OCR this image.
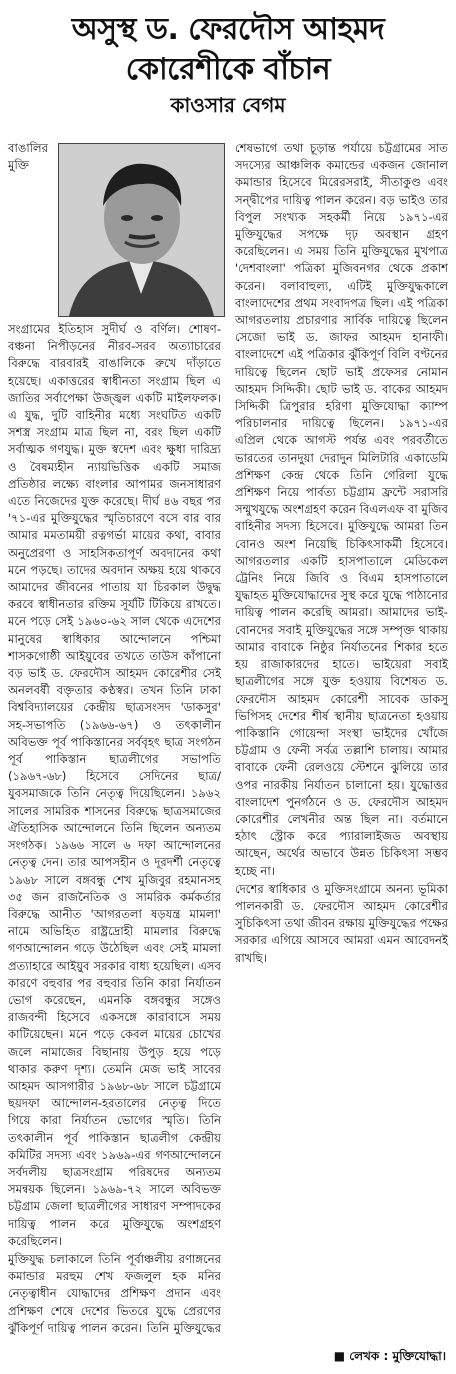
অসুস্থ ড. ফেরদৌস আহমদ
কোরেশীকে বাঁচান
কাওসার বেগম

বাঙালির মুক্তি সংগ্রামের ইতিহাস সুদীর্ঘ ও বর্ণিল। শোষণ-বঞ্চনা নিপীড়নের নীরব-সরব অত্যাচারের বিরুদ্ধে বারবারই বাঙালিকে রুখে দাঁড়াতে হয়েছে। একাত্তরের স্বাধীনতা সংগ্রাম ছিল এ জাতির সর্বাপেক্ষা উজ্জ্বল একটি মাইলফলক। এ যুদ্ধ, দুটি বাহিনীর মধ্যে সংঘটিত একটি সশস্ত্র সংগ্রাম মাত্র ছিল না, বরং ছিল একটি সর্বাত্মক গণযুদ্ধ। মুক্ত স্বদেশ এবং ক্ষুধা দারিদ্র্য ও বৈষম্যহীন ন্যায়ভিত্তিক একটি সমাজ প্রতিষ্ঠার লক্ষ্যে বাংলার আপামর জনসাধারণ এতে নিজেদের যুক্ত করেছে। দীর্ঘ ৪৬ বছর পর '৭১-এর মুক্তিযুদ্ধের স্মৃতিচারণে বসে বার বার আমার মমতাময়ী রত্নগর্ভা মায়ের কথা, বাবার অনুপ্রেরণা ও সাহসিকতাপূর্ণ অবদানের কথা মনে পড়ছে। তাদের অবদান অক্ষয় হয়ে থাকবে আমাদের জীবনের পাতায় যা চিরকাল উদ্বুদ্ধ করবে স্বাধীনতার রক্তিম সূর্যটি টিকিয়ে রাখতে। মনে পড়ে সেই ১৯৬০-৬২ সাল থেকে এদেশের মানুষের স্বাধিকার আন্দোলনে পশ্চিমা শাসকগোষ্ঠী আইয়ুবের তখতে তাউস কাঁপানো বড় ভাই ড. ফেরদৌস আহমদ কোরেশীর সেই অনলবর্ষী বক্তৃতার কণ্ঠস্বর। তখন তিনি ঢাকা বিশ্ববিদ্যালয়ের কেন্দ্রীয় ছাত্রসংসদ 'ডাকসুর' সহ-সভাপতি (১৯৬৬-৬৭) ও তৎকালীন অবিভক্ত পূর্ব পাকিস্তানের সর্ববৃহৎ ছাত্র সংগঠন পূর্ব পাকিস্তান ছাত্রলীগের সভাপতি (১৯৬৭-৬৮) হিসেবে সেদিনের ছাত্র/যুবসমাজকে তিনি নেতৃত্ব দিয়েছিলেন। ১৯৬২ সালের সামরিক শাসনের বিরুদ্ধে ছাত্রসমাজের ঐতিহাসিক আন্দোলনে তিনি ছিলেন অন্যতম সংগঠক। ১৯৬৬ সালে ৬ দফা আন্দোলনের নেতৃত্ব দেন। তার আপসহীন ও দূরদর্শী নেতৃত্বে ১৯৬৮ সালে বঙ্গবন্ধু শেখ মুজিবুর রহমানসহ ৩৫ জন রাজনৈতিক ও সামরিক কর্মকর্তার বিরুদ্ধে আনীত 'আগরতলা ষড়যন্ত্র মামলা' নামে অভিহিত রাষ্ট্রদ্রোহী মামলার বিরুদ্ধে গণআন্দোলন গড়ে উঠেছিল এবং সেই মামলা প্রত্যাহারে আইয়ুব সরকার বাধ্য হয়েছিল। এসব কারণে বহুবার পর বহুবার তিনি কারা নির্যাতন ভোগ করেছেন, এমনকি বঙ্গবন্ধুর সঙ্গেও রাজবন্দী হিসেবে একসঙ্গে কারাবাসে সময় কাটিয়েছেন। মনে পড়ে কেবল মায়ের চোখের জলে নামাজের বিছানায় উপুড় হয়ে পড়ে থাকার করুণ দৃশ্য। তেমনি মেজ ভাই সাবের আহমদ আসগারীর ১৯৬৮-৬৮ সালে চট্টগ্রামে ছয়দফা আন্দোলন-হরতালের নেতৃত্ব দিতে গিয়ে কারা নির্যাতন ভোগের স্মৃতি। তিনি তৎকালীন পূর্ব পাকিস্তান ছাত্রলীগ কেন্দ্রীয় কমিটির সদস্য এবং ১৯৬৯-এর গণআন্দোলনে সর্বদলীয় ছাত্রসংগ্রাম পরিষদের অন্যতম সমন্বয়ক ছিলেন। ১৯৬৯-৭২ সালে অবিভক্ত চট্টগ্রাম জেলা ছাত্রলীগের সাধারণ সম্পাদকের দায়িত্ব পালন করে মুক্তিযুদ্ধে অংশগ্রহণ করেছিলেন।

মুক্তিযুদ্ধ চলাকালে তিনি পূর্বাঞ্চলীয় রণাঙ্গনের কমান্ডার মরহুম শেখ ফজলুল হক মনির নেতৃত্বাধীন যোদ্ধাদের প্রশিক্ষণ প্রদান এবং প্রশিক্ষণ শেষে দেশের ভিতরে যুদ্ধে প্রেরণের ঝুঁকিপূর্ণ দায়িত্ব পালন করেন। তিনি মুক্তিযুদ্ধের শেষভাগে তথা চূড়ান্ত পর্যায়ে চট্টগ্রামের সাত সদস্যের আঞ্চলিক কমান্ডের একজন জোনাল কমান্ডার হিসেবে মিরেরসরাই, সীতাকুণ্ড এবং সন্দ্বীপের দায়িত্ব পালন করেন। বড় ভাইও তার বিপুল সংখ্যক সহকর্মী নিয়ে ১৯৭১-এর মুক্তিযুদ্ধের সপক্ষে দৃঢ় অবস্থান গ্রহণ করেছিলেন। এ সময় তিনি মুক্তিযুদ্ধের মুখপাত্র 'দেশবাংলা' পত্রিকা মুজিবনগর থেকে প্রকাশ করেন। বলাবাহুল্য, এটিই মুক্তিযুদ্ধকালে বাংলাদেশের প্রথম সংবাদপত্র ছিল। এই পত্রিকা আগরতলায় প্রচারণার সার্বিক দায়িত্বে ছিলেন সেজো ভাই ড. জাফর আহমদ হানাফী। বাংলাদেশে এই পত্রিকার ঝুঁকিপূর্ণ বিলি বণ্টনের দায়িত্বে ছিলেন ছোট ভাই প্রফেসর নোমান আহমদ সিদ্দিকী। ছোট ভাই ড. বাকের আহমদ সিদ্দিকী ত্রিপুরার হরিণা মুক্তিযোদ্ধা ক্যাম্প পরিচালনার দায়িত্বে ছিলেন। ১৯৭১-এর এপ্রিল থেকে আগস্ট পর্যন্ত এবং পরবর্তীতে ভারতের তানদুয়া দেরাদুন মিলিটারি একাডেমি প্রশিক্ষণ কেন্দ্র থেকে তিনি গেরিলা যুদ্ধে প্রশিক্ষণ নিয়ে পার্বত্য চট্টগ্রাম ফ্রন্টে সরাসরি সম্মুখযুদ্ধে অংশগ্রহণ করেন বিএলএফ বা মুজিব বাহিনীর সদস্য হিসেবে। মুক্তিযুদ্ধে আমরা তিন বোনও অংশ নিয়েছি চিকিৎসাকর্মী হিসেবে। আগরতলার একটি হাসপাতালে মেডিকেল ট্রেনিং নিয়ে জিবি ও বিএম হাসপাতালে যুদ্ধাহত মুক্তিযোদ্ধাদের সুস্থ করে যুদ্ধে পাঠানোর দায়িত্ব পালন করেছি আমরা। আমাদের ভাই-বোনদের সবাই মুক্তিযুদ্ধের সঙ্গে সম্পৃক্ত থাকায় আমার বাবাকে নিষ্ঠুর নির্যাতনের শিকার হতে হয় রাজাকারদের হাতে। ভাইয়েরা সবাই ছাত্রলীগের সঙ্গে যুক্ত হওয়ায় বিশেষত ড. ফেরদৌস আহমদ কোরেশী সাবেক ডাকসু ভিপিসহ দেশের শীর্ষ স্থানীয় ছাত্রনেতা হওয়ায় পাকিস্তানি গোয়েন্দা সংস্থা ভাইদের খোঁজে চট্টগ্রাম ও ফেনী সর্বত্র তল্লাশি চালায়। আমার বাবাকে ফেনী রেলওয়ে স্টেশনে ঝুলিয়ে তার ওপর নারকীয় নির্যাতন চালানো হয়। যুদ্ধোত্তর বাংলাদেশ পুনর্গঠনে ও ড. ফেরদৌস আহমদ কোরেশীর লেখনীর অন্ত ছিল না। বর্তমানে হঠাৎ স্ট্রোক করে প্যারালাইজড অবস্থায় আছেন, অর্থের অভাবে উন্নত চিকিৎসা সম্ভব হচ্ছে না।

দেশের স্বাধিকার ও মুক্তিসংগ্রামে অনন্য ভূমিকা পালনকারী ড. ফেরদৌস আহমদ কোরেশীর সুচিকিৎসা তথা জীবন রক্ষায় মুক্তিযুদ্ধের পক্ষের সরকার এগিয়ে আসবে আমরা এমন আবেদনই রাখছি।

■ লেখক : মুক্তিযোদ্ধা।
